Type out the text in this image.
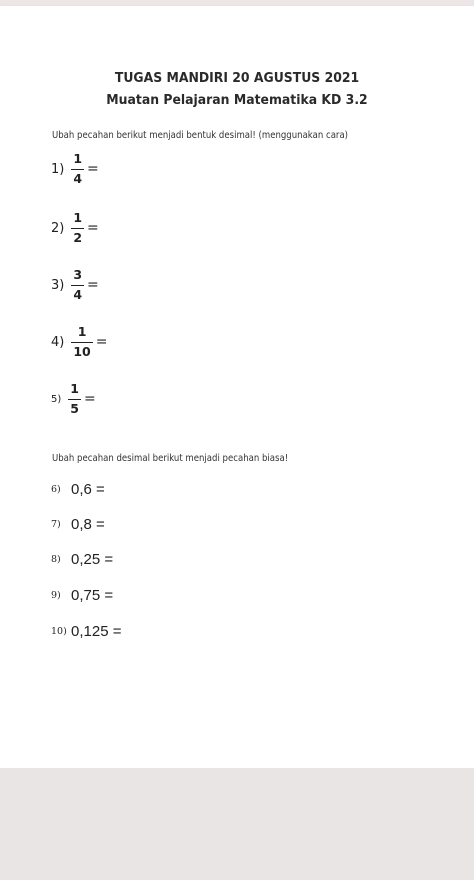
TUGAS MANDIRI 20 AGUSTUS 2021
Muatan Pelajaran Matematika KD 3.2
Ubah pecahan berikut menjadi bentuk desimal! (menggunakan cara)
$1) \frac{1}{4}$ =
$2) \frac{1}{2}$ =
$3) \frac{3}{4}$ =
$4) \frac{1}{10}$ =
$5) \frac{1}{5}$ =
Ubah pecahan desimal berikut menjadi pecahan biasa!
6) 0,6 =
7) 0,8 =
8) 0,25 =
9) 0,75 =
10) 0,125 =
